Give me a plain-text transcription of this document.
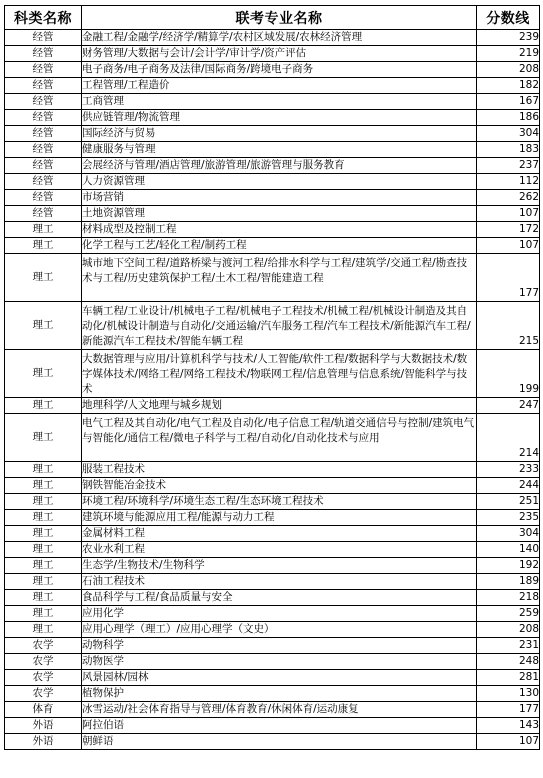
科类名称	联考专业名称	分数线
经管	金融工程/金融学/经济学/精算学/农村区域发展/农林经济管理	239
经管	财务管理/大数据与会计/会计学/审计学/资产评估	219
经管	电子商务/电子商务及法律/国际商务/跨境电子商务	208
经管	工程管理/工程造价	182
经管	工商管理	167
经管	供应链管理/物流管理	186
经管	国际经济与贸易	304
经管	健康服务与管理	183
经管	会展经济与管理/酒店管理/旅游管理/旅游管理与服务教育	237
经管	人力资源管理	112
经管	市场营销	262
经管	土地资源管理	107
理工	材料成型及控制工程	172
理工	化学工程与工艺/轻化工程/制药工程	107
理工	城市地下空间工程/道路桥梁与渡河工程/给排水科学与工程/建筑学/交通工程/勘查技术与工程/历史建筑保护工程/土木工程/智能建造工程	177
理工	车辆工程/工业设计/机械电子工程/机械电子工程技术/机械工程/机械设计制造及其自动化/机械设计制造与自动化/交通运输/汽车服务工程/汽车工程技术/新能源汽车工程/新能源汽车工程技术/智能车辆工程	215
理工	大数据管理与应用/计算机科学与技术/人工智能/软件工程/数据科学与大数据技术/数字媒体技术/网络工程/网络工程技术/物联网工程/信息管理与信息系统/智能科学与技术	199
理工	地理科学/人文地理与城乡规划	247
理工	电气工程及其自动化/电气工程及自动化/电子信息工程/轨道交通信号与控制/建筑电气与智能化/通信工程/微电子科学与工程/自动化/自动化技术与应用	214
理工	服装工程技术	233
理工	钢铁智能冶金技术	244
理工	环境工程/环境科学/环境生态工程/生态环境工程技术	251
理工	建筑环境与能源应用工程/能源与动力工程	235
理工	金属材料工程	304
理工	农业水利工程	140
理工	生态学/生物技术/生物科学	192
理工	石油工程技术	189
理工	食品科学与工程/食品质量与安全	218
理工	应用化学	259
理工	应用心理学（理工）/应用心理学（文史）	208
农学	动物科学	231
农学	动物医学	248
农学	风景园林/园林	281
农学	植物保护	130
体育	冰雪运动/社会体育指导与管理/体育教育/休闲体育/运动康复	177
外语	阿拉伯语	143
外语	朝鲜语	107
